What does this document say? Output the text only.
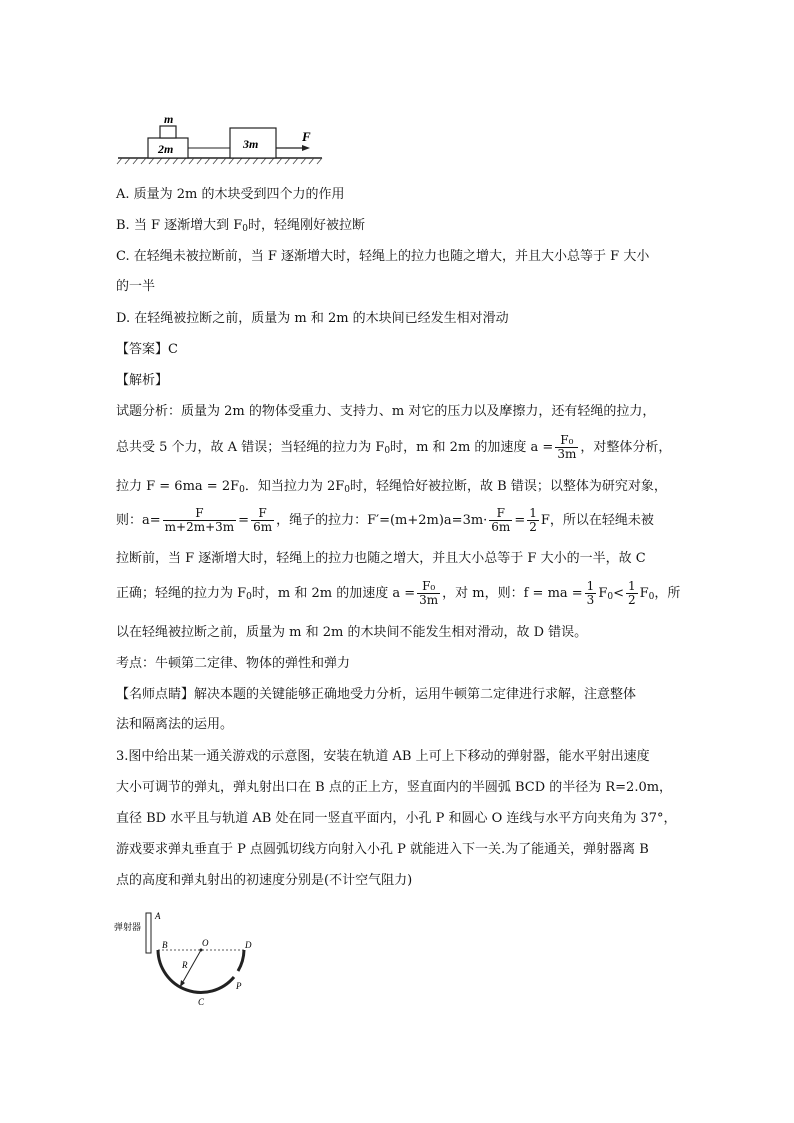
m
2m	3m	F
A. 质量为 2m 的木块受到四个力的作用
B. 当 F 逐渐增大到 $F_0$时，轻绳刚好被拉断
C. 在轻绳未被拉断前，当 F 逐渐增大时，轻绳上的拉力也随之增大，并且大小总等于 F 大小
的一半
D. 在轻绳被拉断之前，质量为 m 和 2m 的木块间已经发生相对滑动
【答案】C
【解析】
试题分析：质量为 2m 的物体受重力、支持力、m 对它的压力以及摩擦力，还有轻绳的拉力，
总共受 5 个力，故 A 错误；当轻绳的拉力为 $F_0$时，m 和 2m 的加速度 $a = \frac{\text{F₀}}{3m}$ ，对整体分析，
拉力 $F = 6ma = 2F_0$．知当拉力为 $2F_0$时，轻绳恰好被拉断，故 B 错误；以整体为研究对象，
则：$a= \frac{F}{m+2m+3m} = \frac{F}{6m}$ ，绳子的拉力：$F'=(m+2m)a=3m\cdot \frac{F}{6m} = \frac{1}{2}$ F，所以在轻绳未被
拉断前，当 F 逐渐增大时，轻绳上的拉力也随之增大，并且大小总等于 F 大小的一半，故 C
正确；轻绳的拉力为 $F_0$时，m 和 2m 的加速度 $a = \frac{\text{F₀}}{3m}$ ，对 m，则：f = ma = $\frac{1}{3} F_0< \frac{1}{2} F_0$，所
以在轻绳被拉断之前，质量为 m 和 2m 的木块间不能发生相对滑动，故 D 错误。
考点：牛顿第二定律、物体的弹性和弹力
【名师点睛】解决本题的关键能够正确地受力分析，运用牛顿第二定律进行求解，注意整体
法和隔离法的运用。
3.图中给出某一通关游戏的示意图，安装在轨道 AB 上可上下移动的弹射器，能水平射出速度
大小可调节的弹丸，弹丸射出口在 B 点的正上方，竖直面内的半圆弧 BCD 的半径为 R=2.0m，
直径 BD 水平且与轨道 AB 处在同一竖直平面内，小孔 P 和圆心 O 连线与水平方向夹角为 37°，
游戏要求弹丸垂直于 P 点圆弧切线方向射入小孔 P 就能进入下一关.为了能通关，弹射器离 B
点的高度和弹丸射出的初速度分别是(不计空气阻力)
弹射器
A
B	O	D
R
C
P
